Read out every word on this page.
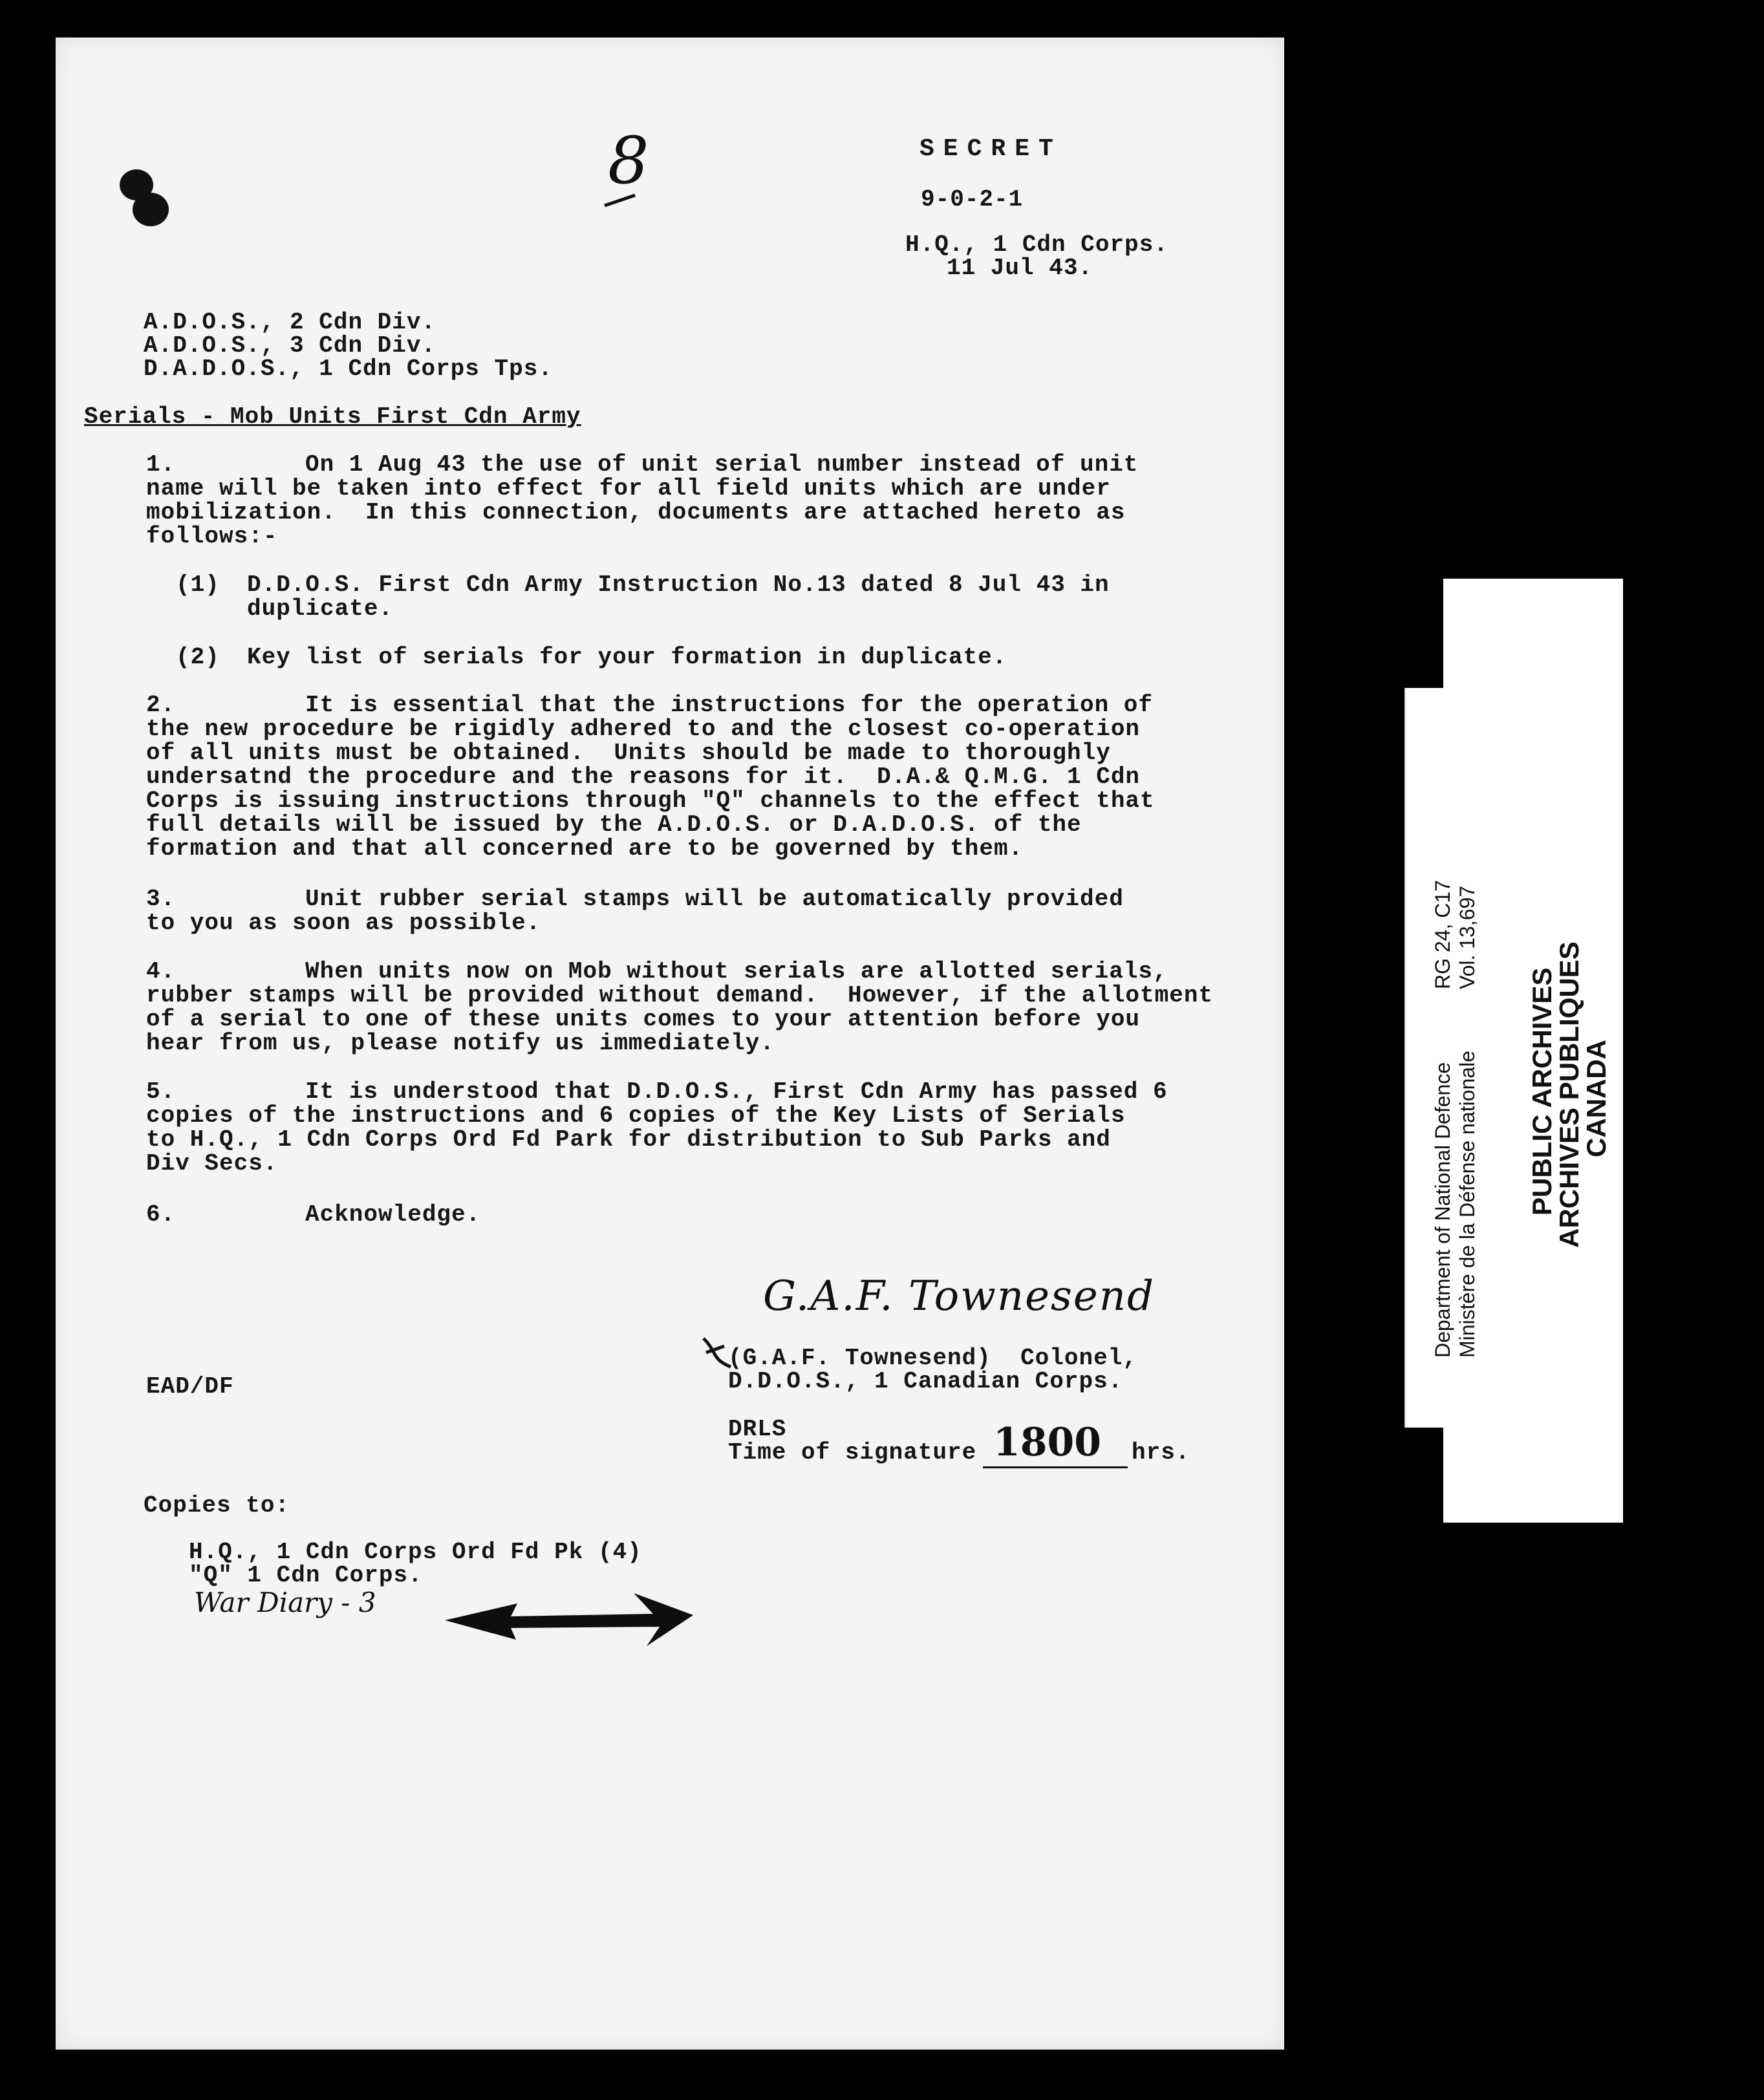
8	SECRET
9-0-2-1
H.Q., 1 Cdn Corps.
11 Jul 43.
A.D.O.S., 2 Cdn Div.
A.D.O.S., 3 Cdn Div.
D.A.D.O.S., 1 Cdn Corps Tps.
Serials - Mob Units First Cdn Army
1.	On 1 Aug 43 the use of unit serial number instead of unit
name will be taken into effect for all field units which are under
mobilization.  In this connection, documents are attached hereto as
follows:-
(1) D.D.O.S. First Cdn Army Instruction No.13 dated 8 Jul 43 in
duplicate.
(2) Key list of serials for your formation in duplicate.
2.	It is essential that the instructions for the operation of
the new procedure be rigidly adhered to and the closest co-operation
of all units must be obtained.  Units should be made to thoroughly
undersatnd the procedure and the reasons for it.  D.A.& Q.M.G. 1 Cdn
Corps is issuing instructions through "Q" channels to the effect that
full details will be issued by the A.D.O.S. or D.A.D.O.S. of the
formation and that all concerned are to be governed by them.
3.	Unit rubber serial stamps will be automatically provided
to you as soon as possible.
4.	When units now on Mob without serials are allotted serials,
rubber stamps will be provided without demand.  However, if the allotment
of a serial to one of these units comes to your attention before you
hear from us, please notify us immediately.
5.	It is understood that D.D.O.S., First Cdn Army has passed 6
copies of the instructions and 6 copies of the Key Lists of Serials
to H.Q., 1 Cdn Corps Ord Fd Park for distribution to Sub Parks and
Div Secs.
6.	Acknowledge.
G.A.F. Townesend
(G.A.F. Townesend)  Colonel,
D.D.O.S., 1 Canadian Corps.
EAD/DF
DRLS
Time of signature 1800 hrs.
Copies to:
H.Q., 1 Cdn Corps Ord Fd Pk (4)
"Q" 1 Cdn Corps.
War Diary - 3
Department of National Defence Ministère de la Défense nationale
RG 24, C17 Vol. 13,697
PUBLIC ARCHIVES
ARCHIVES PUBLIQUES
CANADA
